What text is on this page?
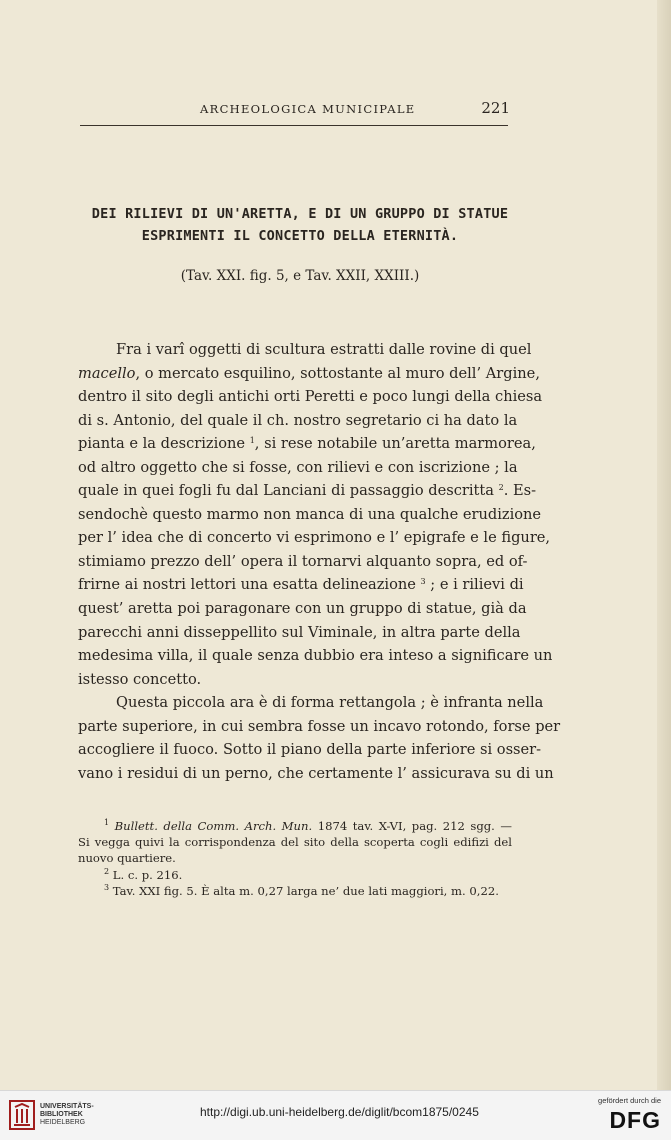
ARCHEOLOGICA MUNICIPALE	221
DEI RILIEVI DI UN'ARETTA, E DI UN GRUPPO DI STATUE
ESPRIMENTI IL CONCETTO DELLA ETERNITÀ.
(Tav. XXI. fig. 5, e Tav. XXII, XXIII.)
Fra i varî oggetti di scultura estratti dalle rovine di quel
macello, o mercato esquilino, sottostante al muro dell’ Argine,
dentro il sito degli antichi orti Peretti e poco lungi della chiesa
di s. Antonio, del quale il ch. nostro segretario ci ha dato la
pianta e la descrizione $^1$, si rese notabile un’aretta marmorea,
od altro oggetto che si fosse, con rilievi e con iscrizione ; la
quale in quei fogli fu dal Lanciani di passaggio descritta $^2$. Es-
sendochè questo marmo non manca di una qualche erudizione
per l’ idea che di concerto vi esprimono e l’ epigrafe e le figure,
stimiamo prezzo dell’ opera il tornarvi alquanto sopra, ed of-
frirne ai nostri lettori una esatta delineazione $^3$ ; e i rilievi di
quest’ aretta poi paragonare con un gruppo di statue, già da
parecchi anni disseppellito sul Viminale, in altra parte della
medesima villa, il quale senza dubbio era inteso a significare un
istesso concetto.
Questa piccola ara è di forma rettangola ; è infranta nella
parte superiore, in cui sembra fosse un incavo rotondo, forse per
accogliere il fuoco. Sotto il piano della parte inferiore si osser-
vano i residui di un perno, che certamente l’ assicurava su di un
$^1$ Bullett. della Comm. Arch. Mun. 1874 tav. X-VI, pag. 212 sgg. —
Si vegga quivi la corrispondenza del sito della scoperta cogli edifizi del
nuovo quartiere.
$^2$ L. c. p. 216.
$^3$ Tav. XXI fig. 5. È alta m. 0,27 larga ne’ due lati maggiori, m. 0,22.
UNIVERSITÄTS-
BIBLIOTHEK
HEIDELBERG
http://digi.ub.uni-heidelberg.de/diglit/bcom1875/0245
gefördert durch die
DFG
